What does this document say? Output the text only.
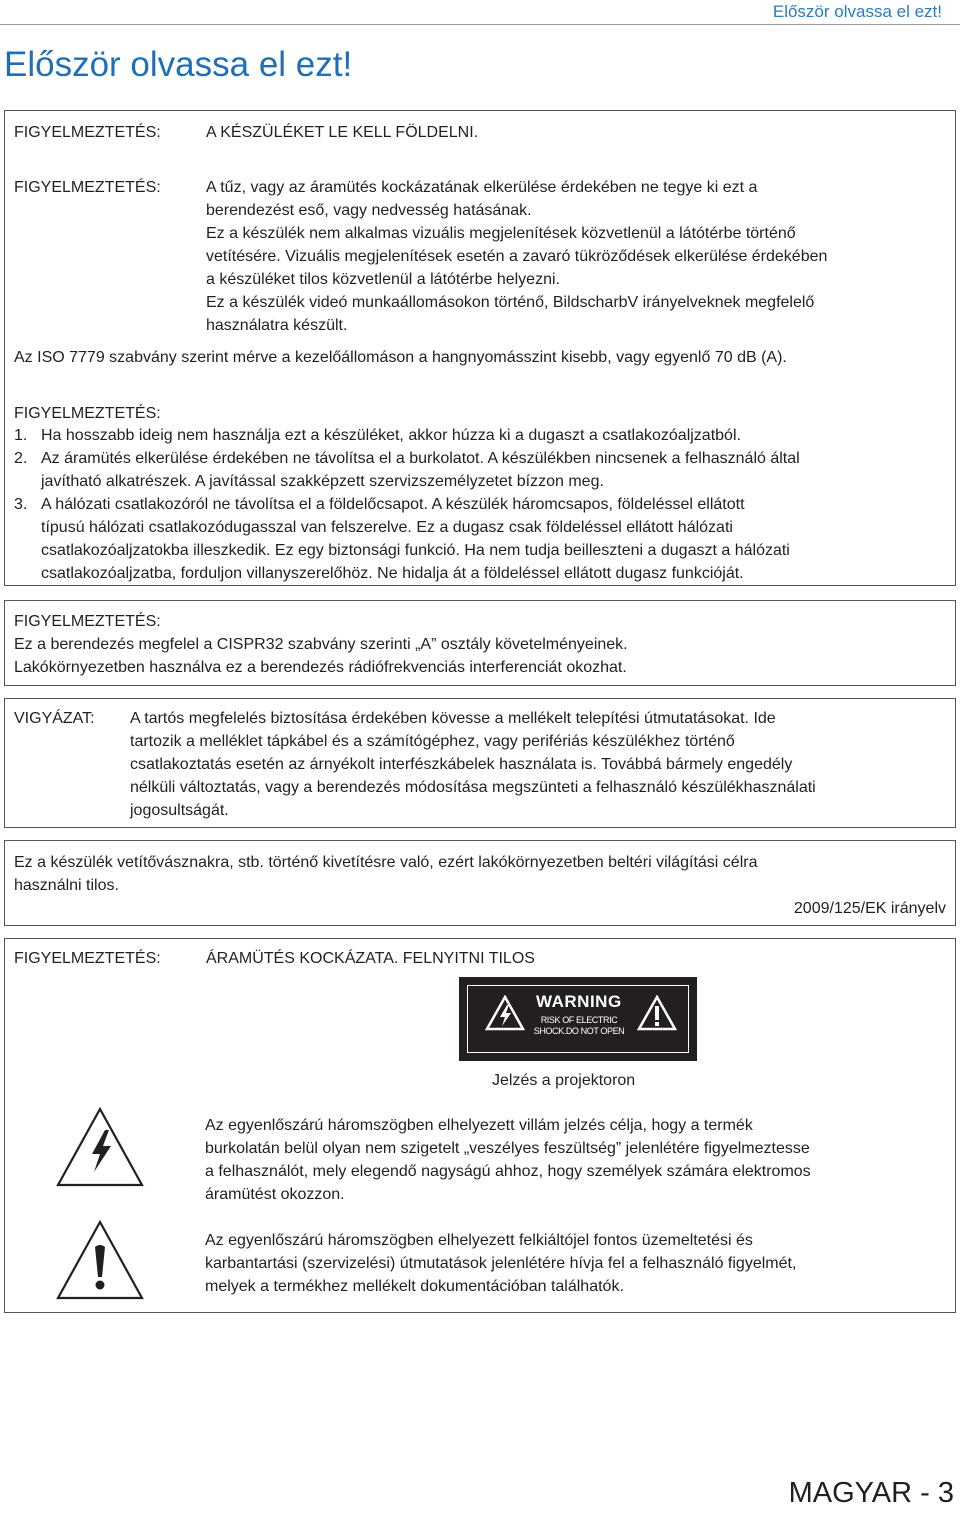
Először olvassa el ezt!
Először olvassa el ezt!
FIGYELMEZTETÉS:	A KÉSZÜLÉKET LE KELL FÖLDELNI.
FIGYELMEZTETÉS:	A tűz, vagy az áramütés kockázatának elkerülése érdekében ne tegye ki ezt a
berendezést eső, vagy nedvesség hatásának.
Ez a készülék nem alkalmas vizuális megjelenítések közvetlenül a látótérbe történő
vetítésére. Vizuális megjelenítések esetén a zavaró tükröződések elkerülése érdekében
a készüléket tilos közvetlenül a látótérbe helyezni.
Ez a készülék videó munkaállomásokon történő, BildscharbV irányelveknek megfelelő
használatra készült.
Az ISO 7779 szabvány szerint mérve a kezelőállomáson a hangnyomásszint kisebb, vagy egyenlő 70 dB (A).
FIGYELMEZTETÉS:
1. Ha hosszabb ideig nem használja ezt a készüléket, akkor húzza ki a dugaszt a csatlakozóaljzatból.
2. Az áramütés elkerülése érdekében ne távolítsa el a burkolatot. A készülékben nincsenek a felhasználó által
javítható alkatrészek. A javítással szakképzett szervizszemélyzetet bízzon meg.
3. A hálózati csatlakozóról ne távolítsa el a földelőcsapot. A készülék háromcsapos, földeléssel ellátott
típusú hálózati csatlakozódugasszal van felszerelve. Ez a dugasz csak földeléssel ellátott hálózati
csatlakozóaljzatokba illeszkedik. Ez egy biztonsági funkció. Ha nem tudja beilleszteni a dugaszt a hálózati
csatlakozóaljzatba, forduljon villanyszerelőhöz. Ne hidalja át a földeléssel ellátott dugasz funkcióját.
FIGYELMEZTETÉS:
Ez a berendezés megfelel a CISPR32 szabvány szerinti „A” osztály követelményeinek.
Lakókörnyezetben használva ez a berendezés rádiófrekvenciás interferenciát okozhat.
VIGYÁZAT:	A tartós megfelelés biztosítása érdekében kövesse a mellékelt telepítési útmutatásokat. Ide
tartozik a melléklet tápkábel és a számítógéphez, vagy perifériás készülékhez történő
csatlakoztatás esetén az árnyékolt interfészkábelek használata is. Továbbá bármely engedély
nélküli változtatás, vagy a berendezés módosítása megszünteti a felhasználó készülékhasználati
jogosultságát.
Ez a készülék vetítővásznakra, stb. történő kivetítésre való, ezért lakókörnyezetben beltéri világítási célra
használni tilos.
2009/125/EK irányelv
FIGYELMEZTETÉS:	ÁRAMÜTÉS KOCKÁZATA. FELNYITNI TILOS
WARNING
RISK OF ELECTRIC
SHOCK.DO NOT OPEN
Jelzés a projektoron
Az egyenlőszárú háromszögben elhelyezett villám jelzés célja, hogy a termék
burkolatán belül olyan nem szigetelt „veszélyes feszültség” jelenlétére figyelmeztesse
a felhasználót, mely elegendő nagyságú ahhoz, hogy személyek számára elektromos
áramütést okozzon.
Az egyenlőszárú háromszögben elhelyezett felkiáltójel fontos üzemeltetési és
karbantartási (szervizelési) útmutatások jelenlétére hívja fel a felhasználó figyelmét,
melyek a termékhez mellékelt dokumentációban találhatók.
MAGYAR - 3
